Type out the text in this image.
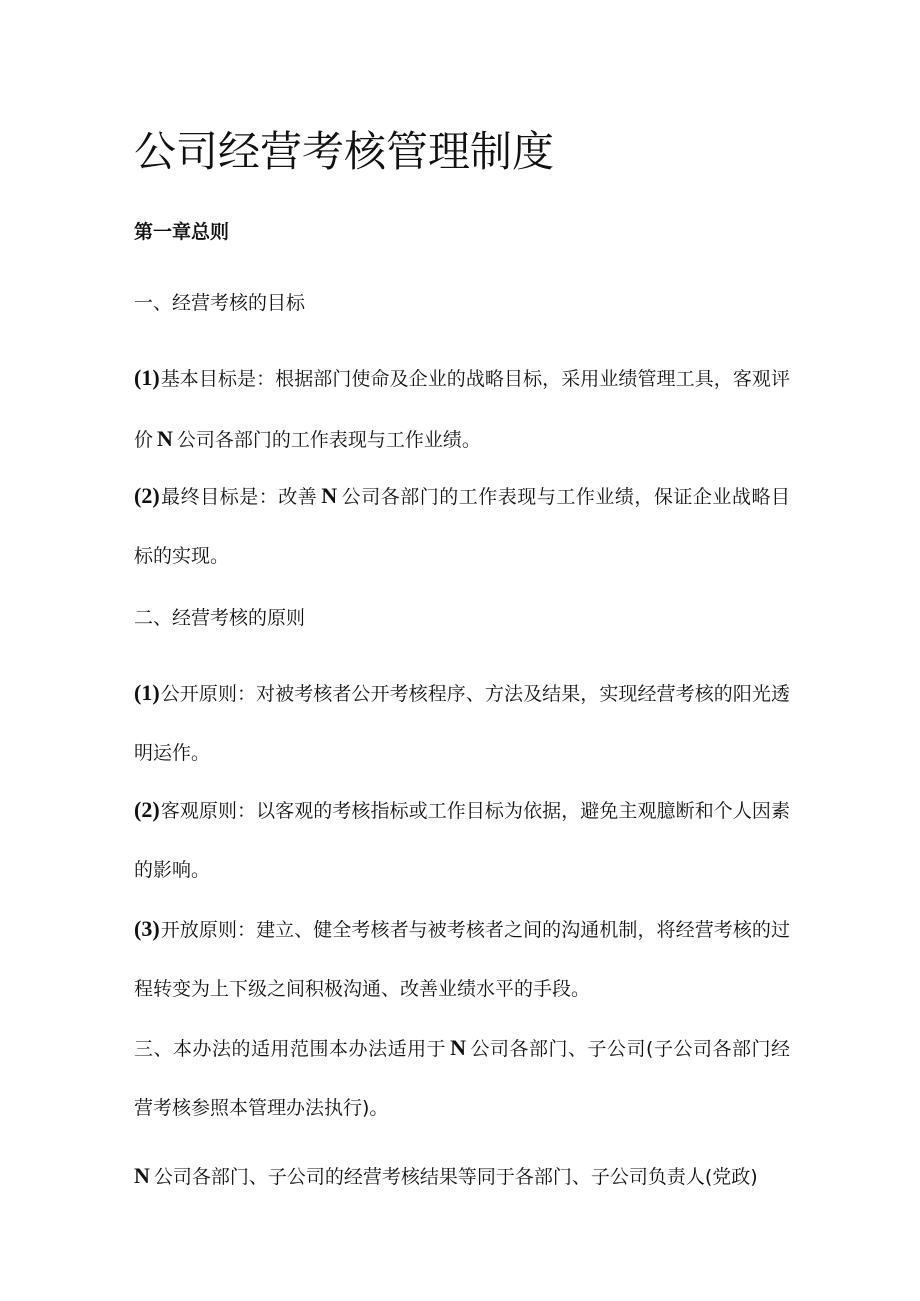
公司经营考核管理制度
第一章总则
一、经营考核的目标

(1)基本目标是：根据部门使命及企业的战略目标，采用业绩管理工具，客观评价 N 公司各部门的工作表现与工作业绩。

(2)最终目标是：改善 N 公司各部门的工作表现与工作业绩，保证企业战略目标的实现。

二、经营考核的原则

(1)公开原则：对被考核者公开考核程序、方法及结果，实现经营考核的阳光透明运作。

(2)客观原则：以客观的考核指标或工作目标为依据，避免主观臆断和个人因素的影响。

(3)开放原则：建立、健全考核者与被考核者之间的沟通机制，将经营考核的过程转变为上下级之间积极沟通、改善业绩水平的手段。

三、本办法的适用范围本办法适用于 N 公司各部门、子公司(子公司各部门经营考核参照本管理办法执行)。

N 公司各部门、子公司的经营考核结果等同于各部门、子公司负责人(党政)
